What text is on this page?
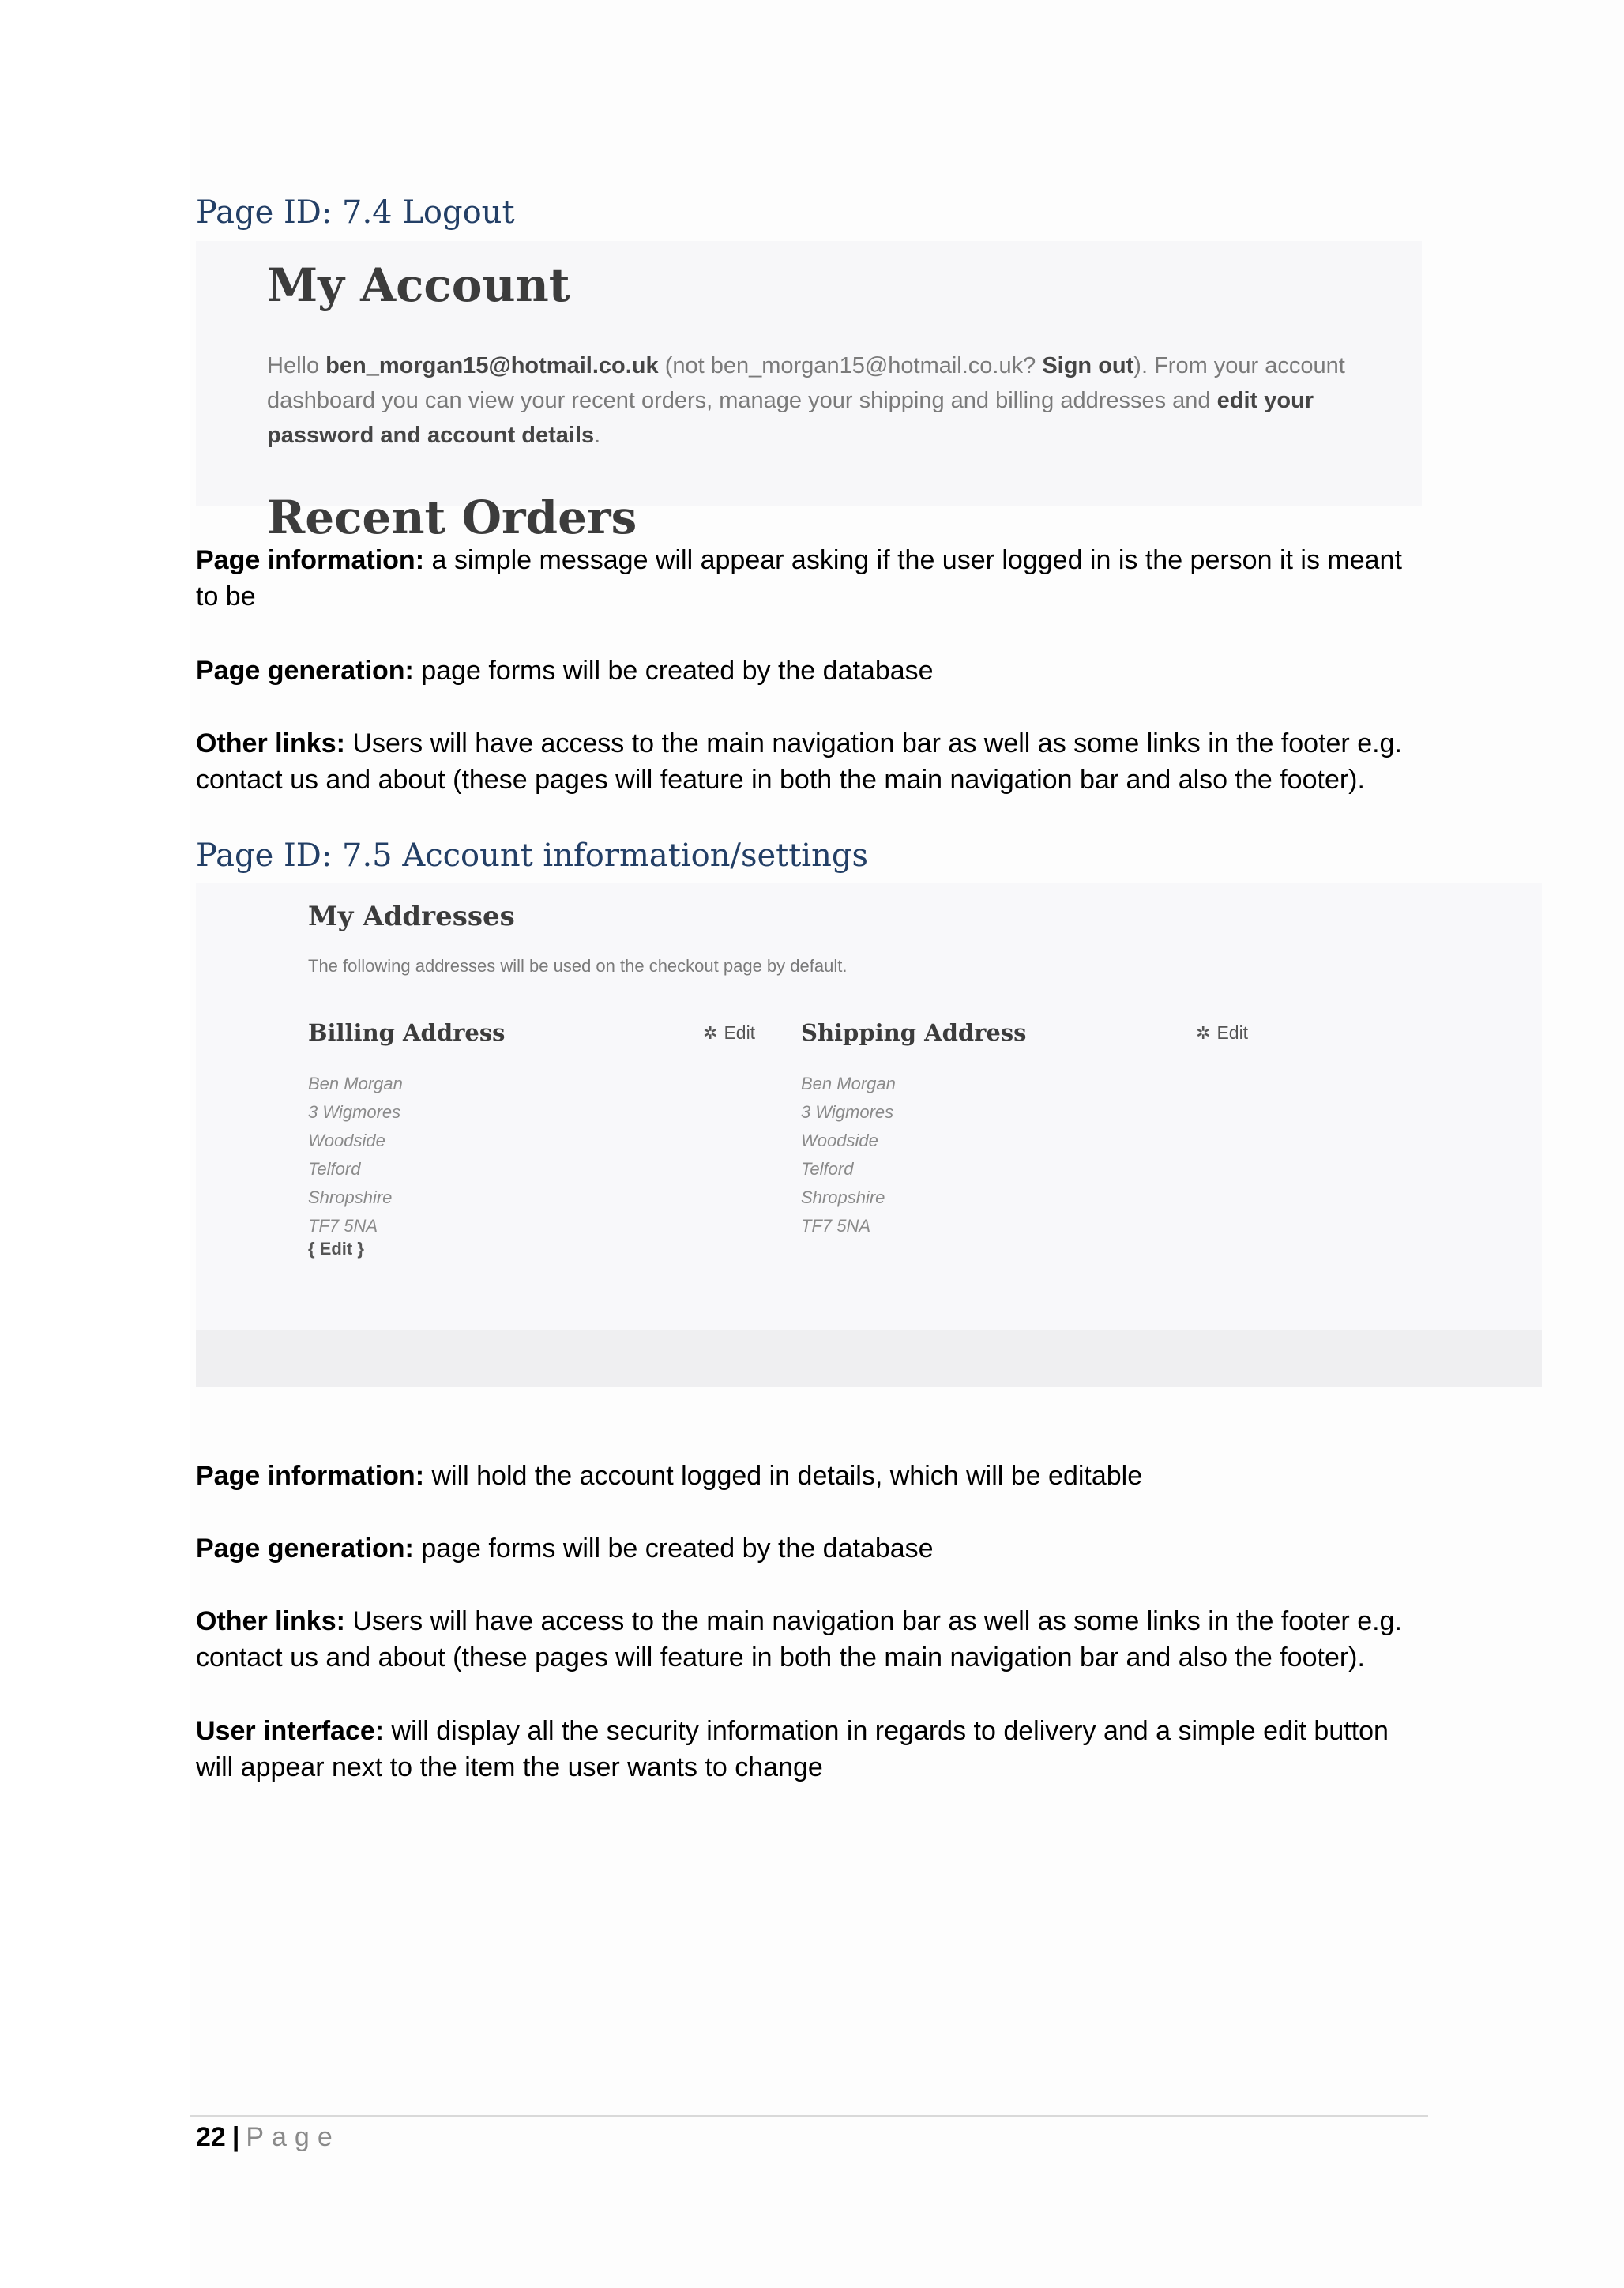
Page ID: 7.4 Logout
My Account
Hello ben_morgan15@hotmail.co.uk (not ben_morgan15@hotmail.co.uk? Sign out). From your account dashboard you can view your recent orders, manage your shipping and billing addresses and edit your password and account details.
Recent Orders
Page information: a simple message will appear asking if the user logged in is the person it is meant to be
Page generation: page forms will be created by the database
Other links: Users will have access to the main navigation bar as well as some links in the footer e.g. contact us and about (these pages will feature in both the main navigation bar and also the footer).
Page ID: 7.5 Account information/settings
My Addresses
The following addresses will be used on the checkout page by default.
Billing Address	✲ Edit
Ben Morgan
3 Wigmores
Woodside
Telford
Shropshire
TF7 5NA
{ Edit }
Shipping Address	✲ Edit
Ben Morgan
3 Wigmores
Woodside
Telford
Shropshire
TF7 5NA
Page information: will hold the account logged in details, which will be editable
Page generation: page forms will be created by the database
Other links: Users will have access to the main navigation bar as well as some links in the footer e.g. contact us and about (these pages will feature in both the main navigation bar and also the footer).
User interface: will display all the security information in regards to delivery and a simple edit button will appear next to the item the user wants to change
22 | Page
